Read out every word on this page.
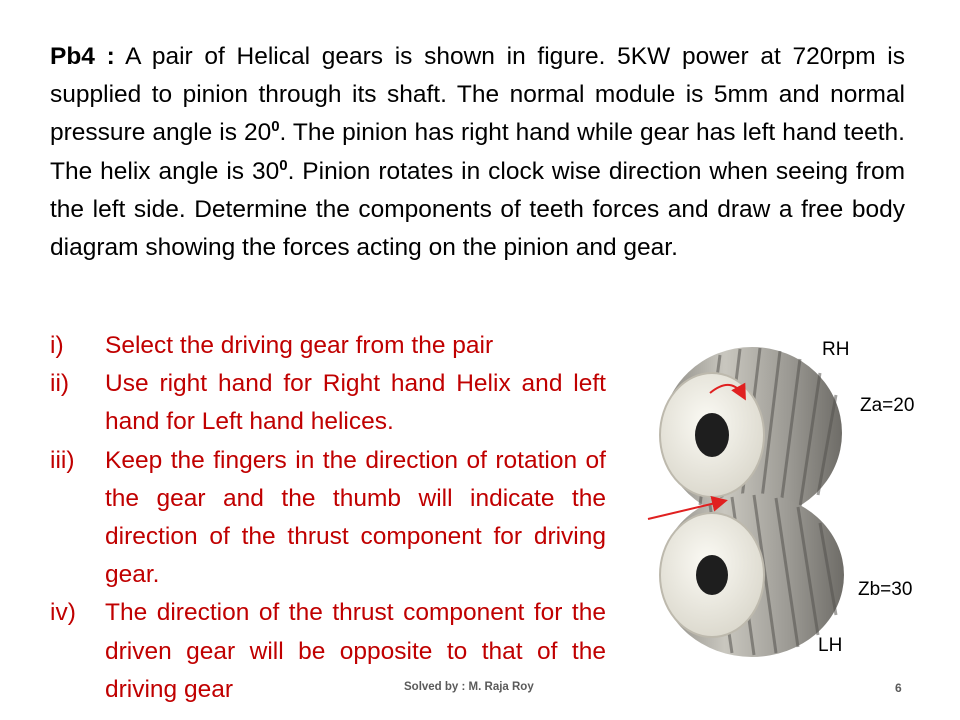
Pb4 : A pair of Helical gears is shown in figure. 5KW power at 720rpm is supplied to pinion through its shaft. The normal module is 5mm and normal pressure angle is $20^0$. The pinion has right hand while gear has left hand teeth. The helix angle is $30^0$. Pinion rotates in clock wise direction when seeing from the left side. Determine the components of teeth forces and draw a free body diagram showing the forces acting on the pinion and gear.

i) Select the driving gear from the pair
ii) Use right hand for Right hand Helix and left hand for Left hand helices.
iii) Keep the fingers in the direction of rotation of the gear and the thumb will indicate the direction of the thrust component for driving gear.
iv) The direction of the thrust component for the driven gear will be opposite to that of the driving gear
RH
Za=20
Zb=30
LH
Solved by : M. Raja Roy	6
